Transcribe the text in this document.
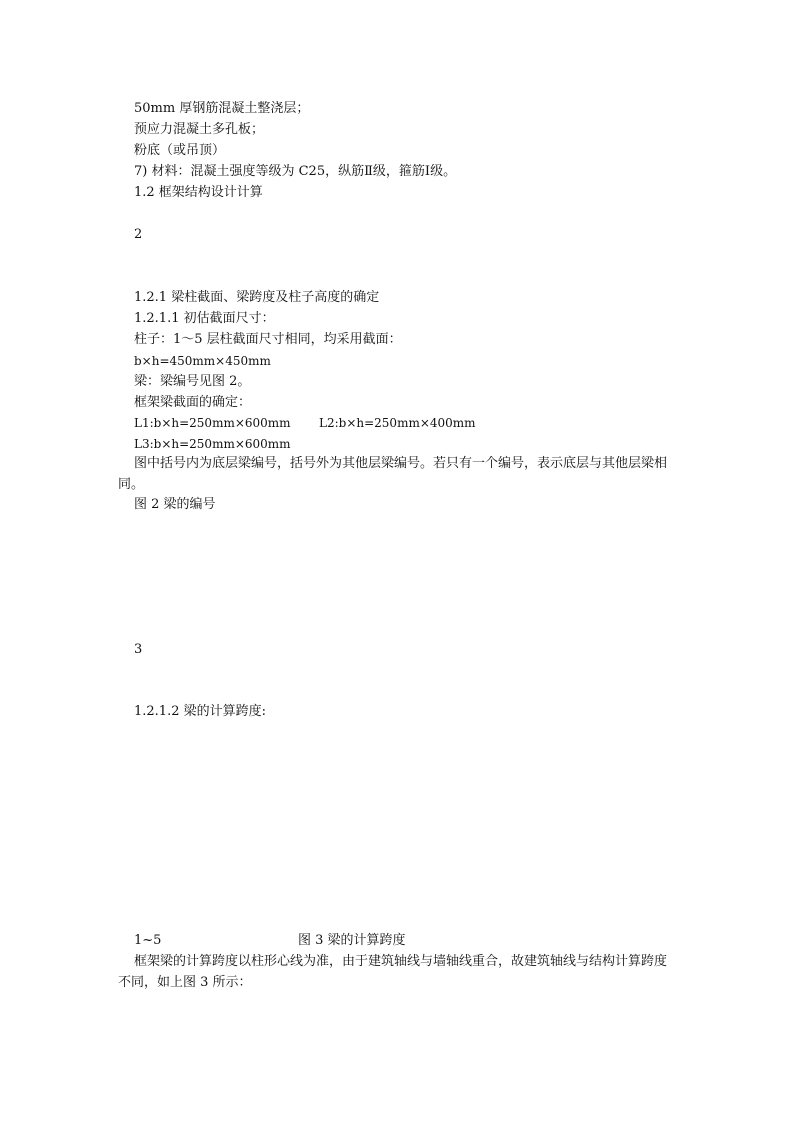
50mm 厚钢筋混凝土整浇层；
预应力混凝土多孔板；
粉底（或吊顶）
7) 材料：混凝土强度等级为 C25，纵筋Ⅱ级，箍筋Ⅰ级。
1.2 框架结构设计计算
2
1.2.1 梁柱截面、梁跨度及柱子高度的确定
1.2.1.1 初估截面尺寸：
柱子：1～5 层柱截面尺寸相同，均采用截面：
b×h=450mm×450mm
梁：梁编号见图 2。
框架梁截面的确定：
L1:b×h=250mm×600mm L2:b×h=250mm×400mm
L3:b×h=250mm×600mm
图中括号内为底层梁编号，括号外为其他层梁编号。若只有一个编号，表示底层与其他层梁相同。
图 2 梁的编号
3
1.2.1.2 梁的计算跨度:
1~5	图 3 梁的计算跨度
框架梁的计算跨度以柱形心线为准，由于建筑轴线与墙轴线重合，故建筑轴线与结构计算跨度不同，如上图 3 所示：
